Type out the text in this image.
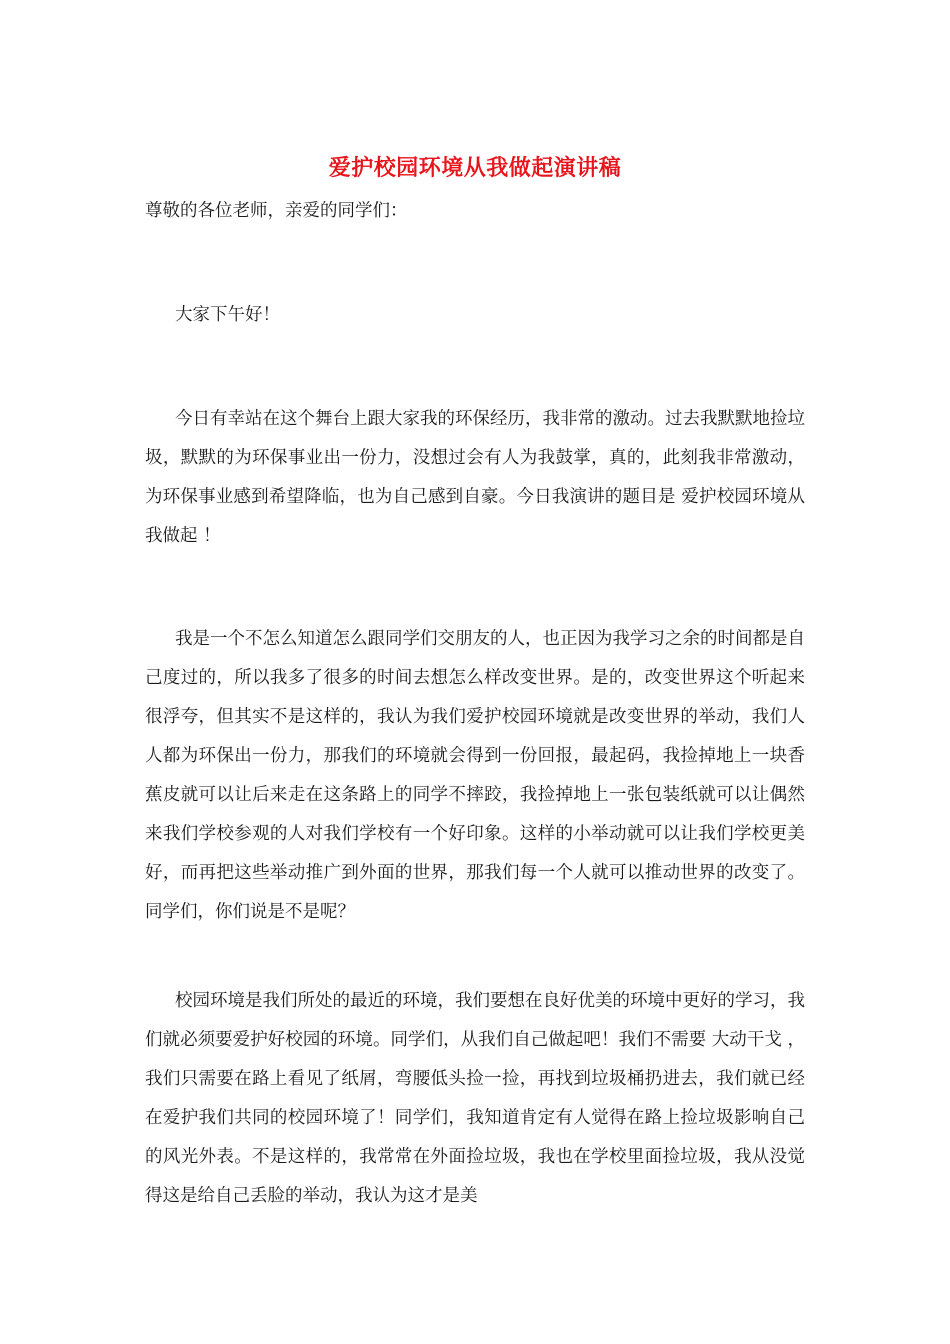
爱护校园环境从我做起演讲稿

尊敬的各位老师，亲爱的同学们：

大家下午好！

今日有幸站在这个舞台上跟大家我的环保经历，我非常的激动。过去我默默地捡垃圾，默默的为环保事业出一份力，没想过会有人为我鼓掌，真的，此刻我非常激动，为环保事业感到希望降临，也为自己感到自豪。今日我演讲的题目是 爱护校园环境从我做起 ！

我是一个不怎么知道怎么跟同学们交朋友的人，也正因为我学习之余的时间都是自己度过的，所以我多了很多的时间去想怎么样改变世界。是的，改变世界这个听起来很浮夸，但其实不是这样的，我认为我们爱护校园环境就是改变世界的举动，我们人人都为环保出一份力，那我们的环境就会得到一份回报，最起码，我捡掉地上一块香蕉皮就可以让后来走在这条路上的同学不摔跤，我捡掉地上一张包装纸就可以让偶然来我们学校参观的人对我们学校有一个好印象。这样的小举动就可以让我们学校更美好，而再把这些举动推广到外面的世界，那我们每一个人就可以推动世界的改变了。同学们，你们说是不是呢？

校园环境是我们所处的最近的环境，我们要想在良好优美的环境中更好的学习，我们就必须要爱护好校园的环境。同学们，从我们自己做起吧！我们不需要 大动干戈 ，我们只需要在路上看见了纸屑，弯腰低头捡一捡，再找到垃圾桶扔进去，我们就已经在爱护我们共同的校园环境了！同学们，我知道肯定有人觉得在路上捡垃圾影响自己的风光外表。不是这样的，我常常在外面捡垃圾，我也在学校里面捡垃圾，我从没觉得这是给自己丢脸的举动，我认为这才是美
